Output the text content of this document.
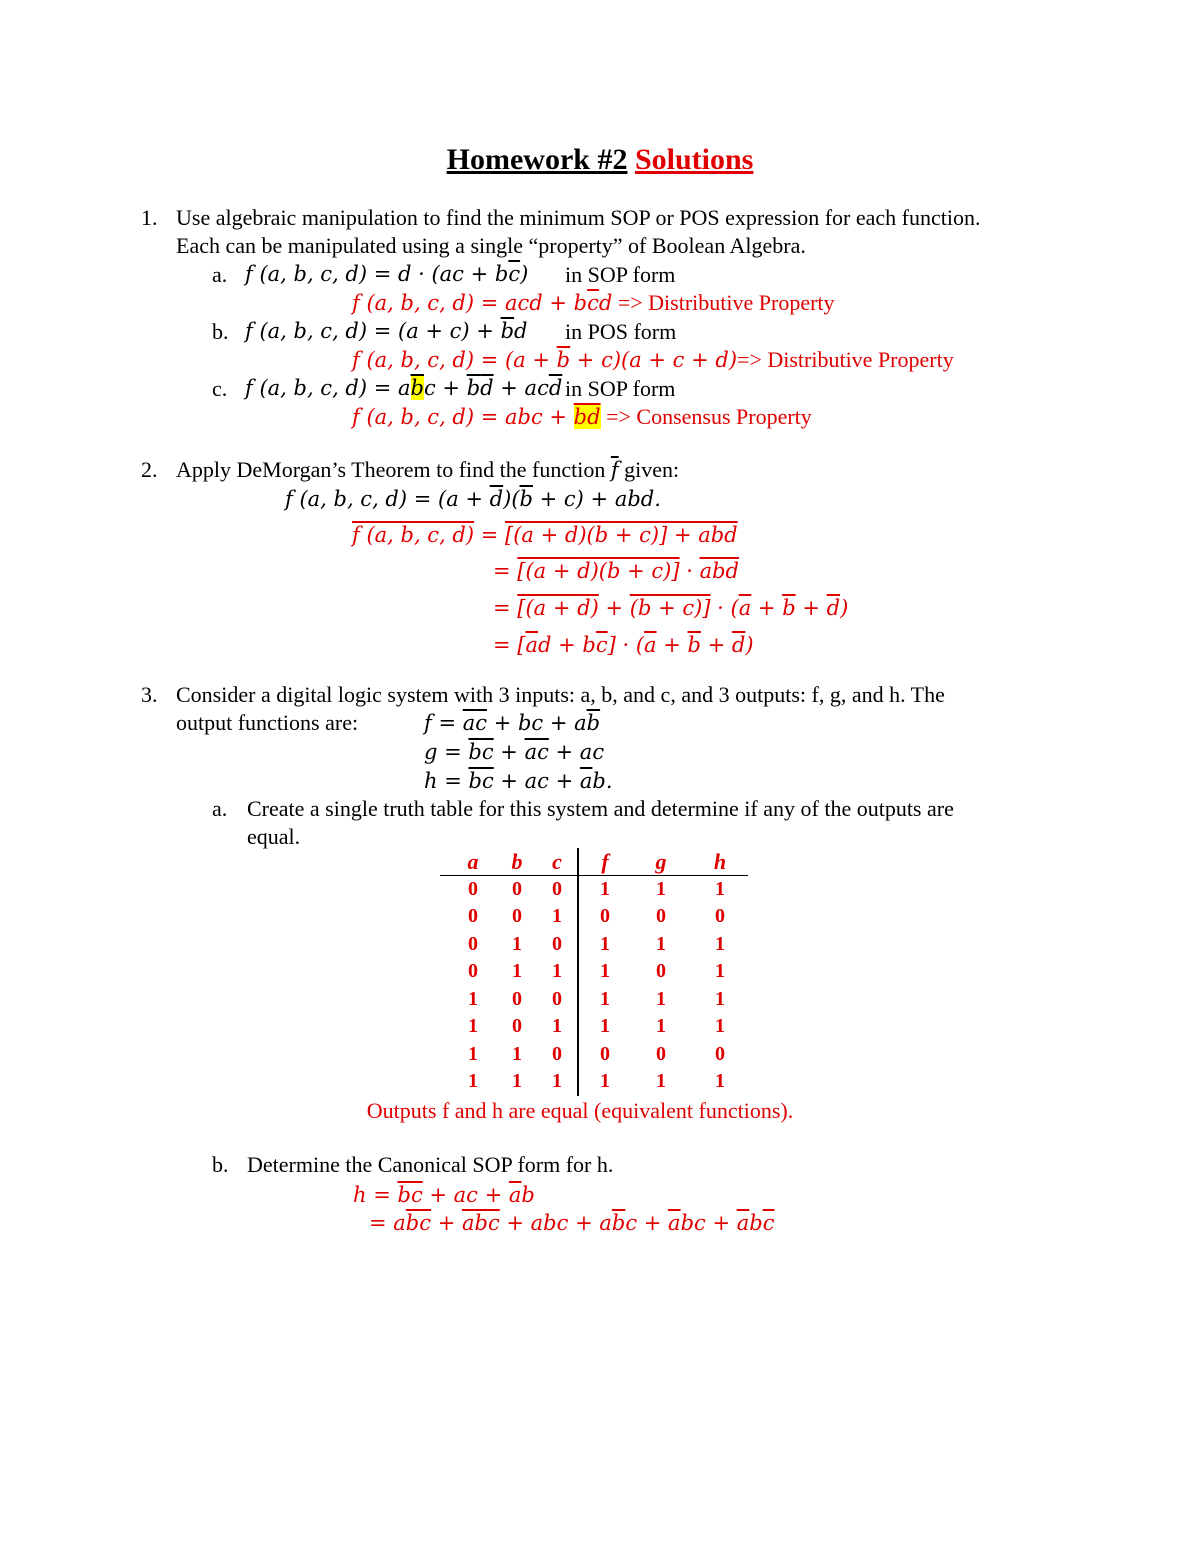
Homework #2 Solutions
1. Use algebraic manipulation to find the minimum SOP or POS expression for each function.
Each can be manipulated using a single “property” of Boolean Algebra.
a. f (a, b, c, $d) = d \cdot (ac + b\overline{c})$ in SOP form
f (a, b, c, d) = acd + $b\overline{c}d$ => Distributive Property
b. f (a, b, c, $d) = (a + c) + \overline{b}d$ in POS form
f (a, b, c, $d) = (a + \overline{b} + c)(a + c + d)=>$ Distributive Property
c. f (a, b, c, $d) = a\overline{b}c + \overline{b}\overline{d} + ac\overline{d}$ in SOP form
f (a, b, c, d) = abc + $\overline{b}\overline{d}$ => Consensus Property
2. Apply DeMorgan’s Theorem to find the function $\overline{f}$ given:
f (a, b, c, $d) = (a + \overline{d})(\overline{b} + c)$ + abd.
f (a, b, c, d) = [(a + d)(b + c)] + abd
= $[(a + d)(b + c)] \cdot \overline{abd}$
= $[(a + d) + (b + c)] \cdot (\overline{a} + \overline{b} + \overline{d})$
= $[\overline{a}d + b\overline{c}] \cdot (\overline{a} + \overline{b} + \overline{d})$
3. Consider a digital logic system with 3 inputs: a, b, and c, and 3 outputs: f, g, and h. The
output functions are:	$f = \overline{a}\overline{c}$ + bc + $a\overline{b}$
$g = \overline{b}\overline{c} + \overline{a}\overline{c}$ + ac
$h = \overline{b}\overline{c}$ + ac + $\overline{a}b$.
a. Create a single truth table for this system and determine if any of the outputs are
equal.
a	b	c	f	g	h
0	0	0	1	1	1
0	0	1	0	0	0
0	1	0	1	1	1
0	1	1	1	0	1
1	0	0	1	1	1
1	0	1	1	1	1
1	1	0	0	0	0
1	1	1	1	1	1
Outputs f and h are equal (equivalent functions).
b. Determine the Canonical SOP form for h.
$h = \overline{b}\overline{c}$ + ac + $\overline{a}b$
= $a\overline{b}\overline{c} + \overline{a}\overline{b}\overline{c}$ + abc + $a\overline{b}c + \overline{a}bc + \overline{a}b\overline{c}$
